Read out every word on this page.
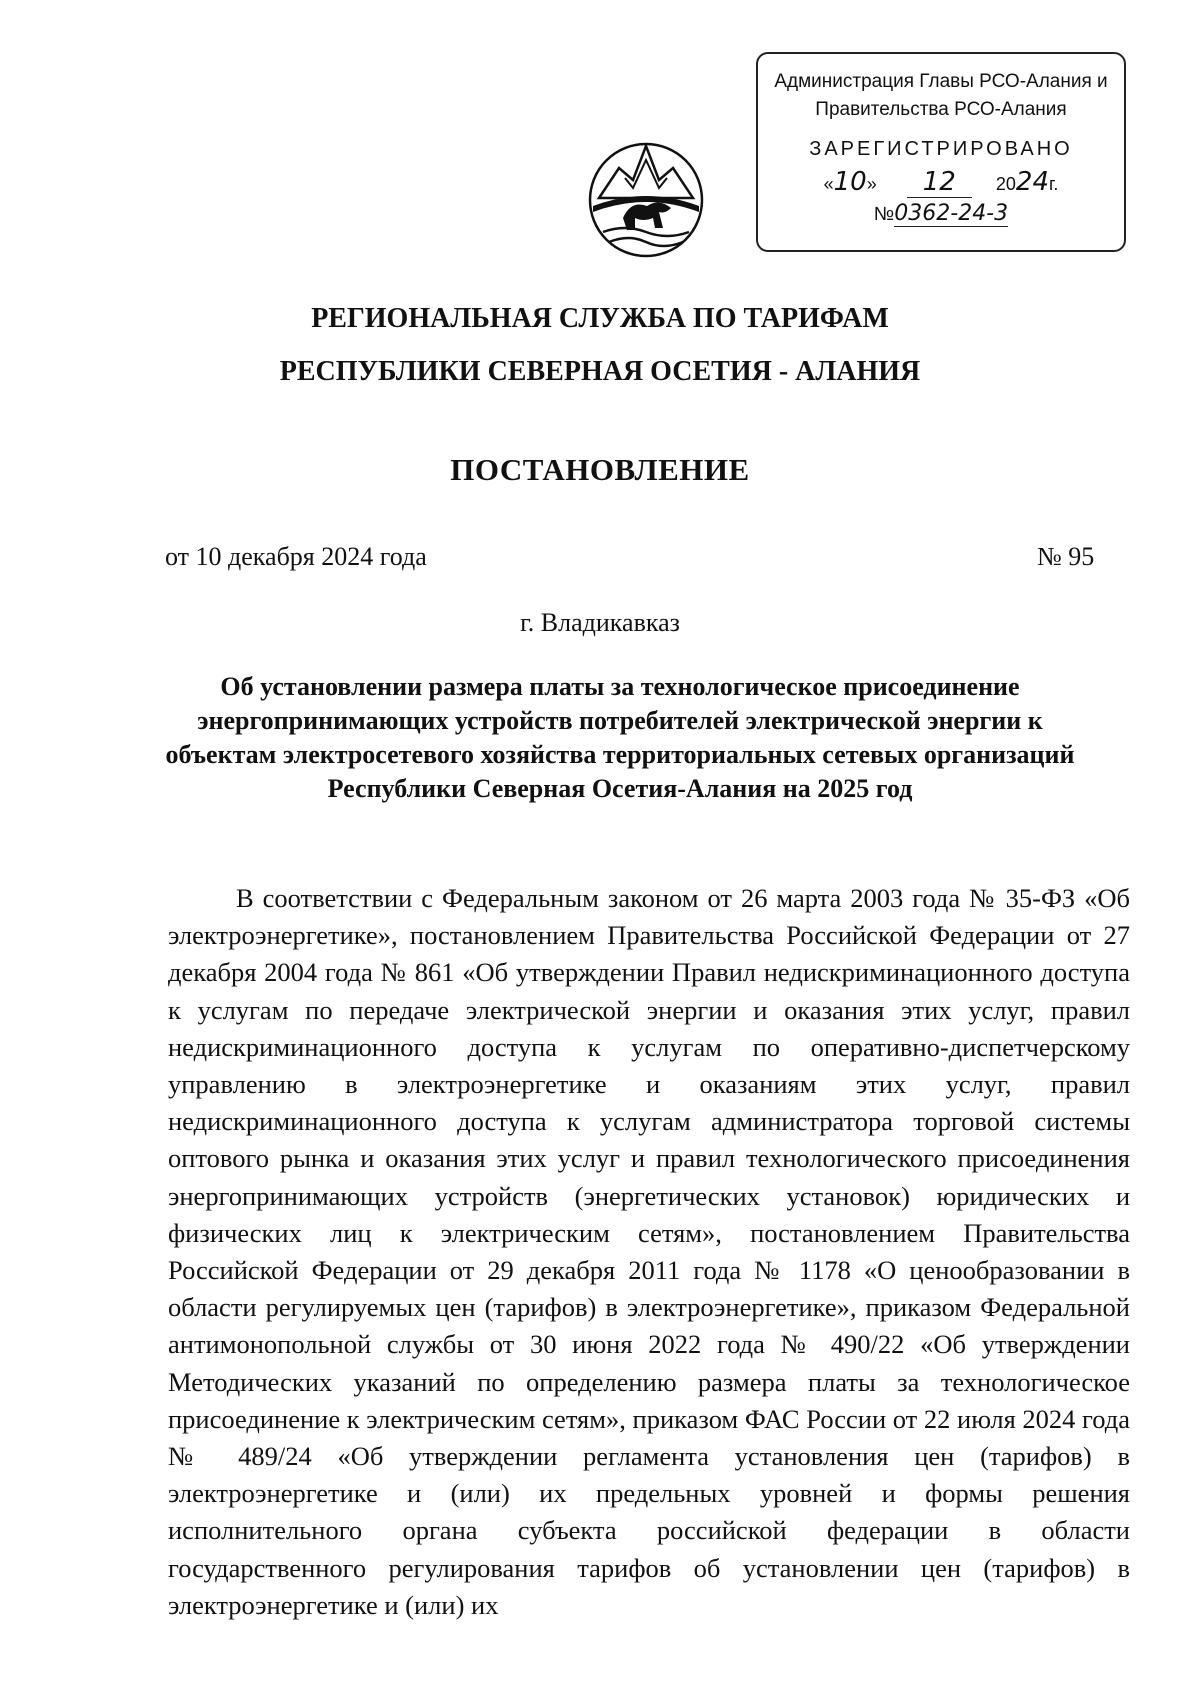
Администрация Главы РСО-Алания и
Правительства РСО-Алания
ЗАРЕГИСТРИРОВАНО
«10» 12 2024г.
№0362-24-3
РЕГИОНАЛЬНАЯ СЛУЖБА ПО ТАРИФАМ
РЕСПУБЛИКИ СЕВЕРНАЯ ОСЕТИЯ - АЛАНИЯ
ПОСТАНОВЛЕНИЕ
от 10 декабря 2024 года	№ 95
г. Владикавказ
Об установлении размера платы за технологическое присоединение энергопринимающих устройств потребителей электрической энергии к объектам электросетевого хозяйства территориальных сетевых организаций Республики Северная Осетия-Алания на 2025 год

В соответствии с Федеральным законом от 26 марта 2003 года № 35-ФЗ «Об электроэнергетике», постановлением Правительства Российской Федерации от 27 декабря 2004 года № 861 «Об утверждении Правил недискриминационного доступа к услугам по передаче электрической энергии и оказания этих услуг, правил недискриминационного доступа к услугам по оперативно-диспетчерскому управлению в электроэнергетике и оказаниям этих услуг, правил недискриминационного доступа к услугам администратора торговой системы оптового рынка и оказания этих услуг и правил технологического присоединения энергопринимающих устройств (энергетических установок) юридических и физических лиц к электрическим сетям», постановлением Правительства Российской Федерации от 29 декабря 2011 года № 1178 «О ценообразовании в области регулируемых цен (тарифов) в электроэнергетике», приказом Федеральной антимонопольной службы от 30 июня 2022 года № 490/22 «Об утверждении Методических указаний по определению размера платы за технологическое присоединение к электрическим сетям», приказом ФАС России от 22 июля 2024 года № 489/24 «Об утверждении регламента установления цен (тарифов) в электроэнергетике и (или) их предельных уровней и формы решения исполнительного органа субъекта российской федерации в области государственного регулирования тарифов об установлении цен (тарифов) в электроэнергетике и (или) их
